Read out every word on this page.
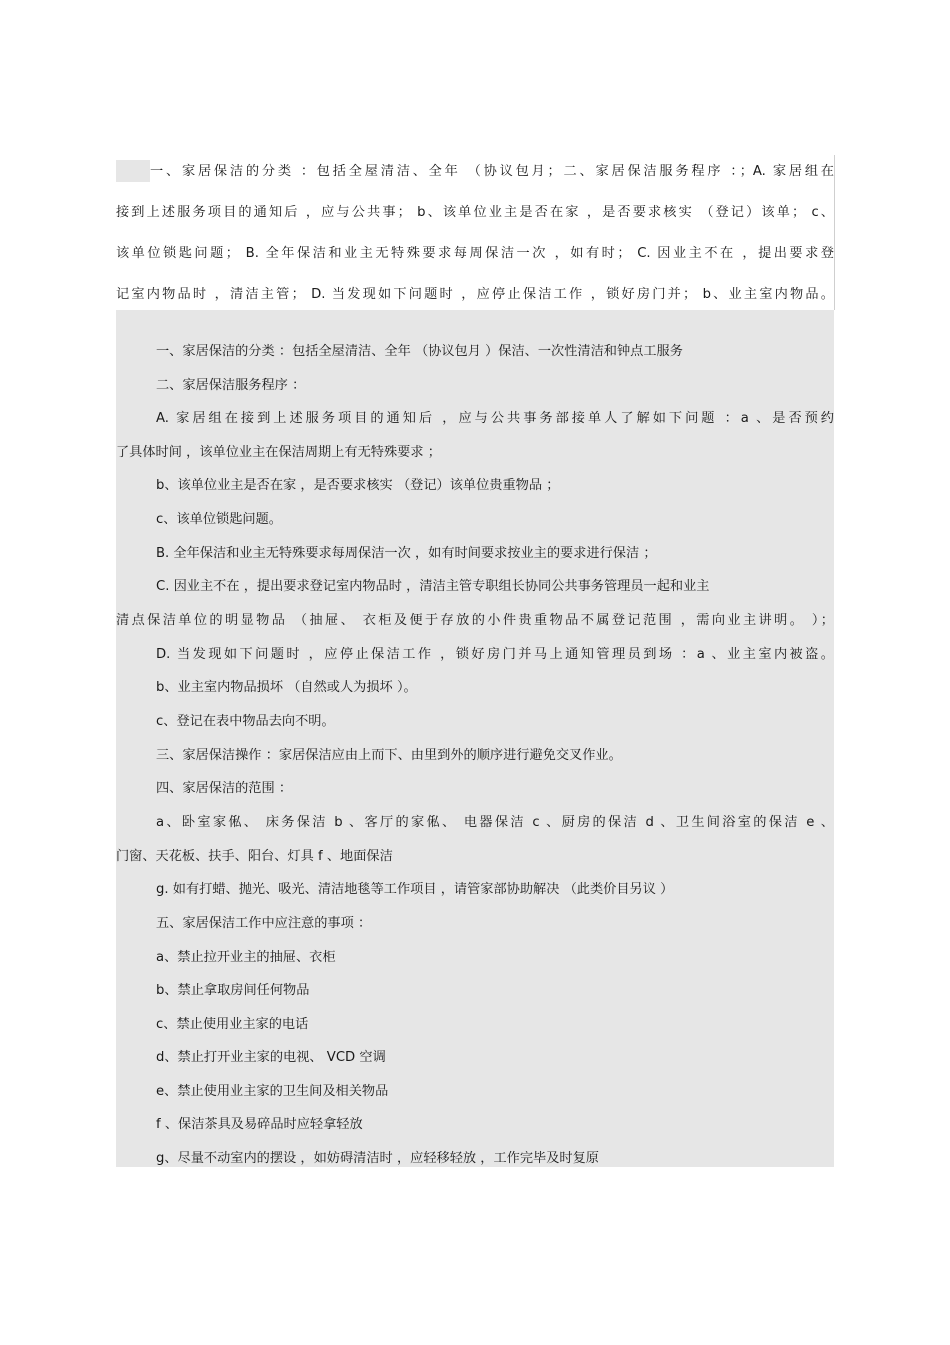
一、家居保洁的分类 ：包括全屋清洁、全年 （协议包月；二、家居保洁服务程序 ：；A. 家居组在
接到上述服务项目的通知后 ，应与公共事； b、该单位业主是否在家 ，是否要求核实 （登记）该单； c、
该单位锁匙问题； B. 全年保洁和业主无特殊要求每周保洁一次 ，如有时； C. 因业主不在 ，提出要求登
记室内物品时 ，清洁主管； D. 当发现如下问题时 ，应停止保洁工作 ，锁好房门并； b、业主室内物品。
一、家居保洁的分类 ：包括全屋清洁、全年 （协议包月 ）保洁、一次性清洁和钟点工服务
二、家居保洁服务程序 ：
A. 家居组在接到上述服务项目的通知后 ，应与公共事务部接单人了解如下问题 ：a 、是否预约
了具体时间 ，该单位业主在保洁周期上有无特殊要求 ；
b、该单位业主是否在家 ，是否要求核实 （登记）该单位贵重物品 ；
c、该单位锁匙问题。
B. 全年保洁和业主无特殊要求每周保洁一次 ，如有时间要求按业主的要求进行保洁 ；
C. 因业主不在 ，提出要求登记室内物品时 ，清洁主管专职组长协同公共事务管理员一起和业主
清点保洁单位的明显物品 （抽屉、 衣柜及便于存放的小件贵重物品不属登记范围 ，需向业主讲明。 ）；
D. 当发现如下问题时 ，应停止保洁工作 ，锁好房门并马上通知管理员到场 ：a 、业主室内被盗。
b、业主室内物品损坏 （自然或人为损坏 ）。
c、登记在表中物品去向不明。
三、家居保洁操作 ：家居保洁应由上而下、由里到外的顺序进行避免交叉作业。
四、家居保洁的范围 ：
a、卧室家俬、 床务保洁 b 、客厅的家俬、 电器保洁 c 、厨房的保洁 d 、卫生间浴室的保洁 e 、
门窗、天花板、扶手、阳台、灯具 f 、地面保洁
g. 如有打蜡、抛光、吸光、清洁地毯等工作项目 ，请管家部协助解决 （此类价目另议 ）
五、家居保洁工作中应注意的事项 ：
a、禁止拉开业主的抽屉、衣柜
b、禁止拿取房间任何物品
c、禁止使用业主家的电话
d、禁止打开业主家的电视、 VCD 空调
e、禁止使用业主家的卫生间及相关物品
f 、保洁茶具及易碎品时应轻拿轻放
g、尽量不动室内的摆设 ，如妨碍清洁时 ，应轻移轻放 ，工作完毕及时复原
